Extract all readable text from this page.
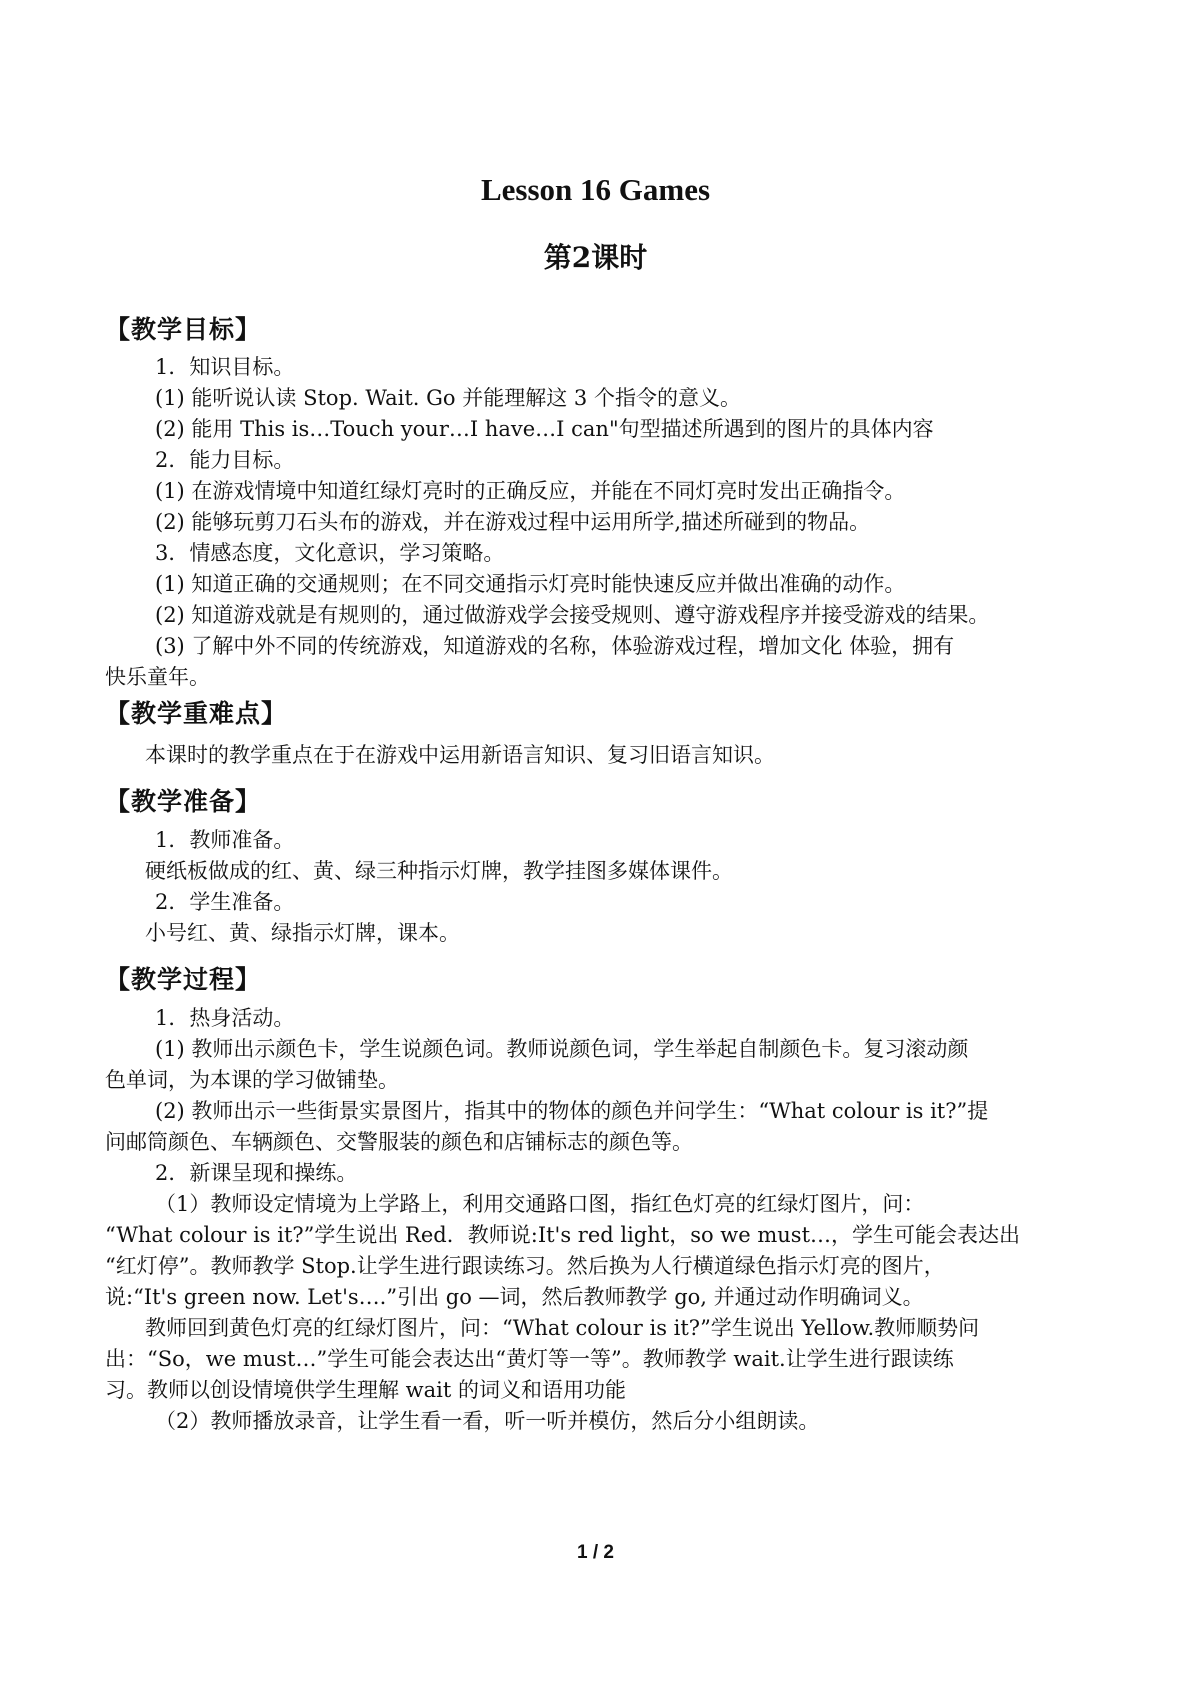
Lesson 16 Games
第2课时
【教学目标】

1．知识目标。

(1) 能听说认读 Stop. Wait. Go 并能理解这 3 个指令的意义。

(2) 能用 This is…Touch your…I have…I can"句型描述所遇到的图片的具体内容

2．能力目标。

(1) 在游戏情境中知道红绿灯亮时的正确反应，并能在不同灯亮时发出正确指令。

(2) 能够玩剪刀石头布的游戏，并在游戏过程中运用所学,描述所碰到的物品。

3．情感态度，文化意识，学习策略。

(1) 知道正确的交通规则；在不同交通指示灯亮时能快速反应并做出准确的动作。

(2) 知道游戏就是有规则的，通过做游戏学会接受规则、遵守游戏程序并接受游戏的结果。

(3) 了解中外不同的传统游戏，知道游戏的名称，体验游戏过程，增加文化 体验，拥有

快乐童年。

【教学重难点】

本课时的教学重点在于在游戏中运用新语言知识、复习旧语言知识。

【教学准备】

1．教师准备。

硬纸板做成的红、黄、绿三种指示灯牌，教学挂图多媒体课件。

2．学生准备。

小号红、黄、绿指示灯牌，课本。

【教学过程】

1．热身活动。

(1) 教师出示颜色卡，学生说颜色词。教师说颜色词，学生举起自制颜色卡。复习滚动颜

色单词，为本课的学习做铺垫。

(2) 教师出示一些街景实景图片，指其中的物体的颜色并问学生：“What colour is it?”提

问邮筒颜色、车辆颜色、交警服装的颜色和店铺标志的颜色等。

2．新课呈现和操练。

（1）教师设定情境为上学路上，利用交通路口图，指红色灯亮的红绿灯图片，问：

“What colour is it?”学生说出 Red．教师说:It's red light，so we must…，学生可能会表达出

“红灯停”。教师教学 Stop.让学生进行跟读练习。然后换为人行横道绿色指示灯亮的图片，

说:“It's green now. Let's….”引出 go —词，然后教师教学 go, 并通过动作明确词义。

教师回到黄色灯亮的红绿灯图片，问：“What colour is it?”学生说出 Yellow.教师顺势问

出：“So，we must…”学生可能会表达出“黄灯等一等”。教师教学 wait.让学生进行跟读练

习。教师以创设情境供学生理解 wait 的词义和语用功能

（2）教师播放录音，让学生看一看，听一听并模仿，然后分小组朗读。

1 / 2
